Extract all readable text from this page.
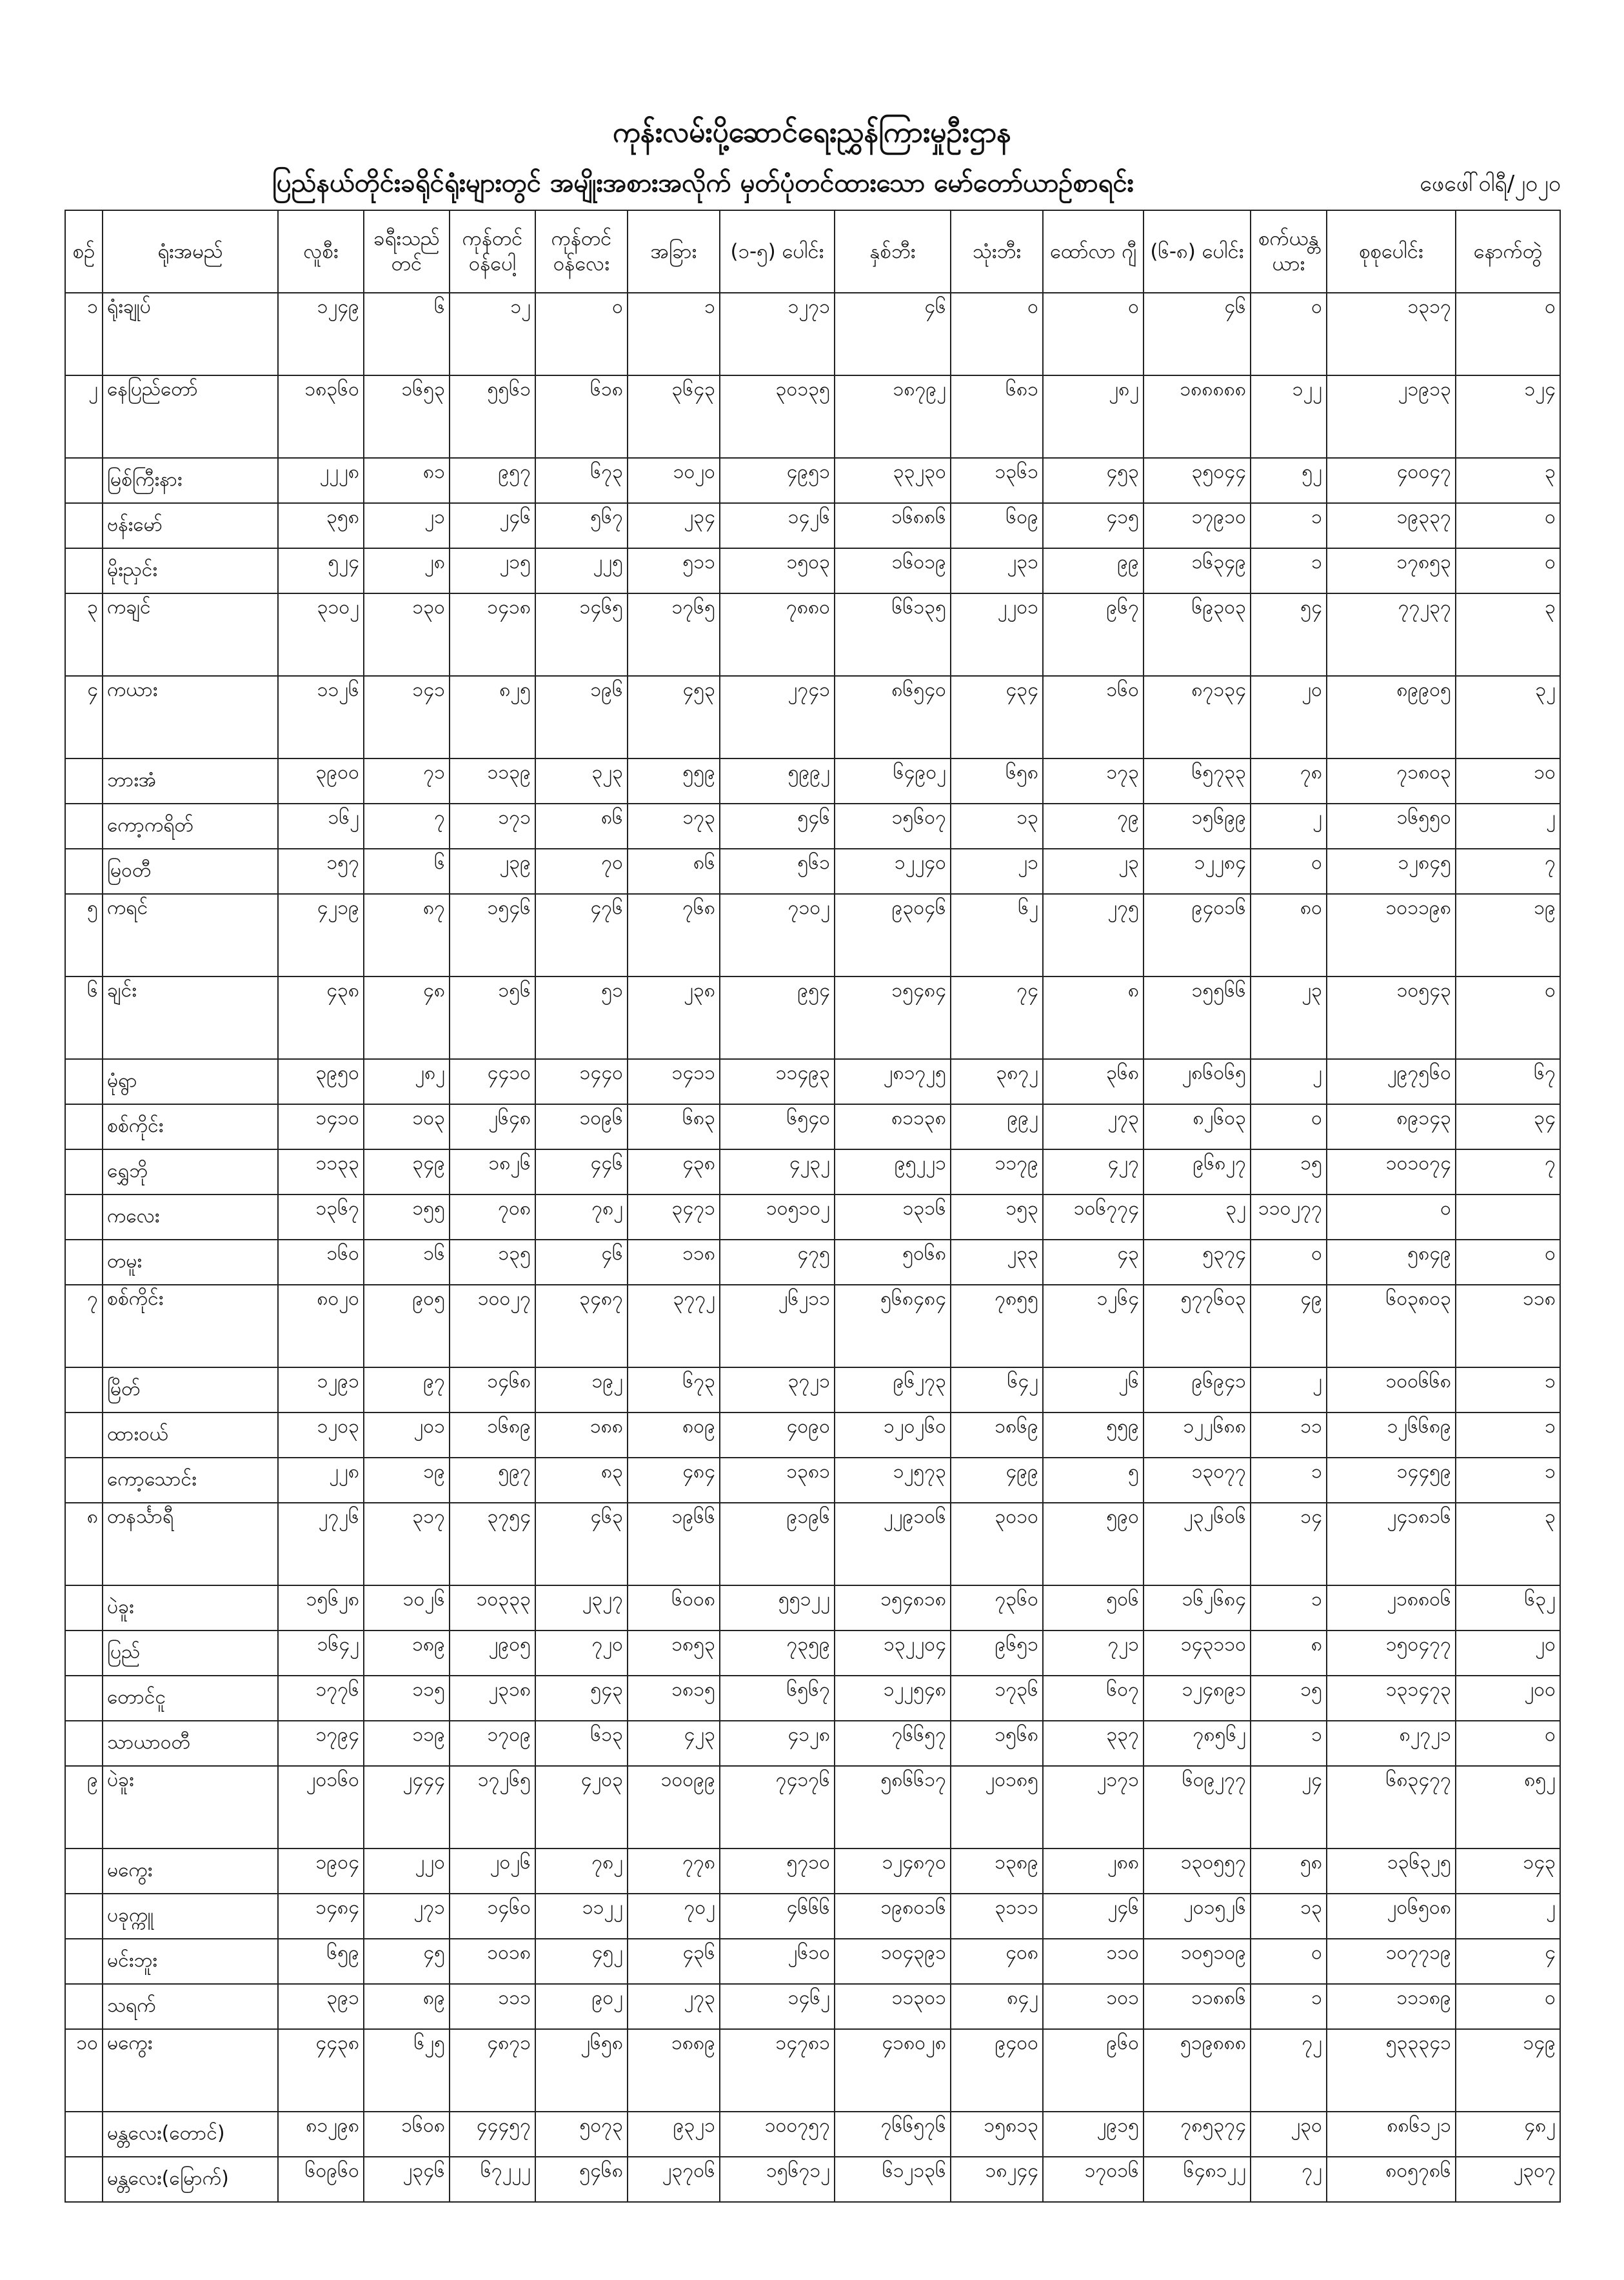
ကုန်းလမ်းပို့ဆောင်ရေးညွှန်ကြားမှုဦးဌာန
ပြည်နယ်တိုင်းခရိုင်ရုံးများတွင် အမျိုးအစားအလိုက် မှတ်ပုံတင်ထားသော မော်တော်ယာဉ်စာရင်း	ဖေဖေါ်ဝါရီ/၂၀၂၀
စဉ်	ရုံးအမည်	လူစီး	ခရီးသည်တင်	ကုန်တင် ဝန်ပေါ့	ကုန်တင် ဝန်လေး	အခြား	(၁-၅) ပေါင်း	နှစ်ဘီး	သုံးဘီး	ထော်လာ ဂျီ	(၆-၈) ပေါင်း	စက်ယန္တယား	စုစုပေါင်း	နောက်တွဲ
၁	ရုံးချုပ်	၁၂၄၉	၆	၁၂	၀	၁	၁၂၇၁	၄၆	၀	၀	၄၆	၀	၁၃၁၇	၀
၂	နေပြည်တော်	၁၈၃၆၀	၁၆၅၃	၅၅၆၁	၆၁၈	၃၆၄၃	၃၀၁၃၅	၁၈၇၉၂	၆၈၁	၂၈၂	၁၈၈၈၈၈	၁၂၂	၂၁၉၁၃	၁၂၄
	မြစ်ကြီးနား	၂၂၂၈	၈၁	၉၅၇	၆၇၃	၁၀၂၀	၄၉၅၁	၃၃၂၃၀	၁၃၆၁	၄၅၃	၃၅၀၄၄	၅၂	၄၀၀၄၇	၃
	ဗန်းမော်	၃၅၈	၂၁	၂၄၆	၅၆၇	၂၃၄	၁၄၂၆	၁၆၈၈၆	၆၀၉	၄၁၅	၁၇၉၁၀	၁	၁၉၃၃၇	၀
	မိုးညှင်း	၅၂၄	၂၈	၂၁၅	၂၂၅	၅၁၁	၁၅၀၃	၁၆၀၁၉	၂၃၁	၉၉	၁၆၃၄၉	၁	၁၇၈၅၃	၀
၃	ကချင်	၃၁၀၂	၁၃၀	၁၄၁၈	၁၄၆၅	၁၇၆၅	၇၈၈၀	၆၆၁၃၅	၂၂၀၁	၉၆၇	၆၉၃၀၃	၅၄	၇၇၂၃၇	၃
၄	ကယား	၁၁၂၆	၁၄၁	၈၂၅	၁၉၆	၄၅၃	၂၇၄၁	၈၆၅၄၀	၄၃၄	၁၆၀	၈၇၁၃၄	၂၀	၈၉၉၀၅	၃၂
	ဘားအံ	၃၉၀၀	၇၁	၁၁၃၉	၃၂၃	၅၅၉	၅၉၉၂	၆၄၉၀၂	၆၅၈	၁၇၃	၆၅၇၃၃	၇၈	၇၁၈၀၃	၁၀
	ကော့ကရိတ်	၁၆၂	၇	၁၇၁	၈၆	၁၇၃	၅၄၆	၁၅၆၀၇	၁၃	၇၉	၁၅၆၉၉	၂	၁၆၅၅၀	၂
	မြဝတီ	၁၅၇	၆	၂၃၉	၇၀	၈၆	၅၆၁	၁၂၂၄၀	၂၁	၂၃	၁၂၂၈၄	၀	၁၂၈၄၅	၇
၅	ကရင်	၄၂၁၉	၈၇	၁၅၄၆	၄၇၆	၇၆၈	၇၁၀၂	၉၃၀၄၆	၆၂	၂၇၅	၉၄၀၁၆	၈၀	၁၀၁၁၉၈	၁၉
၆	ချင်း	၄၃၈	၄၈	၁၅၆	၅၁	၂၃၈	၉၅၄	၁၅၄၈၄	၇၄	၈	၁၅၅၆၆	၂၃	၁၀၅၄၃	၀
	မုံရွာ	၃၉၅၀	၂၈၂	၄၄၁၀	၁၄၄၀	၁၄၁၁	၁၁၄၉၃	၂၈၁၇၂၅	၃၈၇၂	၃၆၈	၂၈၆၀၆၅	၂	၂၉၇၅၆၀	၆၇
	စစ်ကိုင်း	၁၄၁၀	၁၀၃	၂၆၄၈	၁၀၉၆	၆၈၃	၆၅၄၀	၈၁၁၃၈	၉၉၂	၂၇၃	၈၂၆၀၃	၀	၈၉၁၄၃	၃၄
	ရွှေဘို	၁၁၃၃	၃၄၉	၁၈၂၆	၄၄၆	၄၃၈	၄၂၃၂	၉၅၂၂၁	၁၁၇၉	၄၂၇	၉၆၈၂၇	၁၅	၁၀၁၀၇၄	၇
	ကလေး	၁၃၆၇	၁၅၅	၇၀၈	၇၈၂	၃၄၇၁	၁၀၅၁၀၂	၁၃၁၆	၁၅၃	၁၀၆၇၇၄	၃၂	၁၁၀၂၇၇	၀	
	တမူး	၁၆၀	၁၆	၁၃၅	၄၆	၁၁၈	၄၇၅	၅၀၆၈	၂၃၃	၄၃	၅၃၇၄	၀	၅၈၄၉	၀
၇	စစ်ကိုင်း	၈၀၂၀	၉၀၅	၁၀၀၂၇	၃၄၈၇	၃၇၇၂	၂၆၂၁၁	၅၆၈၄၈၄	၇၈၅၅	၁၂၆၄	၅၇၇၆၀၃	၄၉	၆၀၃၈၀၃	၁၁၈
	မြိတ်	၁၂၉၁	၉၇	၁၄၆၈	၁၉၂	၆၇၃	၃၇၂၁	၉၆၂၇၃	၆၄၂	၂၆	၉၆၉၄၁	၂	၁၀၀၆၆၈	၁
	ထားဝယ်	၁၂၀၃	၂၀၁	၁၆၈၉	၁၈၈	၈၀၉	၄၀၉၀	၁၂၀၂၆၀	၁၈၆၉	၅၅၉	၁၂၂၆၈၈	၁၁	၁၂၆၆၈၉	၁
	ကော့သောင်း	၂၂၈	၁၉	၅၉၇	၈၃	၄၈၄	၁၃၈၁	၁၂၅၇၃	၄၉၉	၅	၁၃၀၇၇	၁	၁၄၄၅၉	၁
၈	တနင်္သာရီ	၂၇၂၆	၃၁၇	၃၇၅၄	၄၆၃	၁၉၆၆	၉၁၉၆	၂၂၉၁၀၆	၃၀၁၀	၅၉၀	၂၃၂၆၀၆	၁၄	၂၄၁၈၁၆	၃
	ပဲခူး	၁၅၆၂၈	၁၀၂၆	၁၀၃၃၃	၂၃၂၇	၆၀၀၈	၅၅၁၂၂	၁၅၄၈၁၈	၇၃၆၀	၅၀၆	၁၆၂၆၈၄	၁	၂၁၈၈၀၆	၆၃၂
	ပြည်	၁၆၄၂	၁၈၉	၂၉၀၅	၇၂၀	၁၈၅၃	၇၃၅၉	၁၃၂၂၀၄	၉၆၅၁	၇၂၁	၁၄၃၁၁၀	၈	၁၅၀၄၇၇	၂၀
	တောင်ငူ	၁၇၇၆	၁၁၅	၂၃၁၈	၅၄၃	၁၈၁၅	၆၅၆၇	၁၂၂၅၄၈	၁၇၃၆	၆၀၇	၁၂၄၈၉၁	၁၅	၁၃၁၄၇၃	၂၀၀
	သာယာဝတီ	၁၇၉၄	၁၁၉	၁၇၀၉	၆၁၃	၄၂၃	၄၁၂၈	၇၆၆၅၇	၁၅၆၈	၃၃၇	၇၈၅၆၂	၁	၈၂၇၂၁	၀
၉	ပဲခူး	၂၀၁၆၀	၂၄၄၄	၁၇၂၆၅	၄၂၀၃	၁၀၀၉၉	၇၄၁၇၆	၅၈၆၆၁၇	၂၀၁၈၅	၂၁၇၁	၆၀၉၂၇၇	၂၄	၆၈၃၄၇၇	၈၅၂
	မကွေး	၁၉၀၄	၂၂၀	၂၀၂၆	၇၈၂	၇၇၈	၅၇၁၀	၁၂၄၈၇၀	၁၃၈၉	၂၈၈	၁၃၀၅၅၇	၅၈	၁၃၆၃၂၅	၁၄၃
	ပခုက္ကူ	၁၄၈၄	၂၇၁	၁၄၆၀	၁၁၂၂	၇၀၂	၄၆၆၆	၁၉၈၀၁၆	၃၁၁၁	၂၄၆	၂၀၁၅၂၆	၁၃	၂၀၆၅၀၈	၂
	မင်းဘူး	၆၅၉	၄၅	၁၀၁၈	၄၅၂	၄၃၆	၂၆၁၀	၁၀၄၃၉၁	၄၀၈	၁၁၀	၁၀၅၁၀၉	၀	၁၀၇၇၁၉	၄
	သရက်	၃၉၁	၈၉	၁၁၁	၉၀၂	၂၇၃	၁၄၆၂	၁၁၃၀၁	၈၄၂	၁၀၁	၁၁၈၈၆	၁	၁၁၁၈၉	၀
၁၀	မကွေး	၄၄၃၈	၆၂၅	၄၈၇၁	၂၆၅၈	၁၈၈၉	၁၄၇၈၁	၄၁၈၀၂၈	၉၄၀၀	၉၆၀	၅၁၉၈၈၈	၇၂	၅၃၃၃၄၁	၁၄၉
	မန္တလေး(တောင်)	၈၁၂၉၈	၁၆၀၈	၄၄၄၅၇	၅၀၇၃	၉၃၂၁	၁၀၀၇၅၇	၇၆၆၅၇၆	၁၅၈၁၃	၂၉၁၅	၇၈၅၃၇၄	၂၃၀	၈၈၆၁၂၁	၄၈၂
	မန္တလေး(မြောက်)	၆၀၉၆၀	၂၃၄၆	၆၇၂၂၂	၅၄၆၈	၂၃၇၀၆	၁၅၆၇၁၂	၆၁၂၁၃၆	၁၈၂၄၄	၁၇၀၁၆	၆၄၈၁၂၂	၇၂	၈၀၅၇၈၆	၂၃၀၇
